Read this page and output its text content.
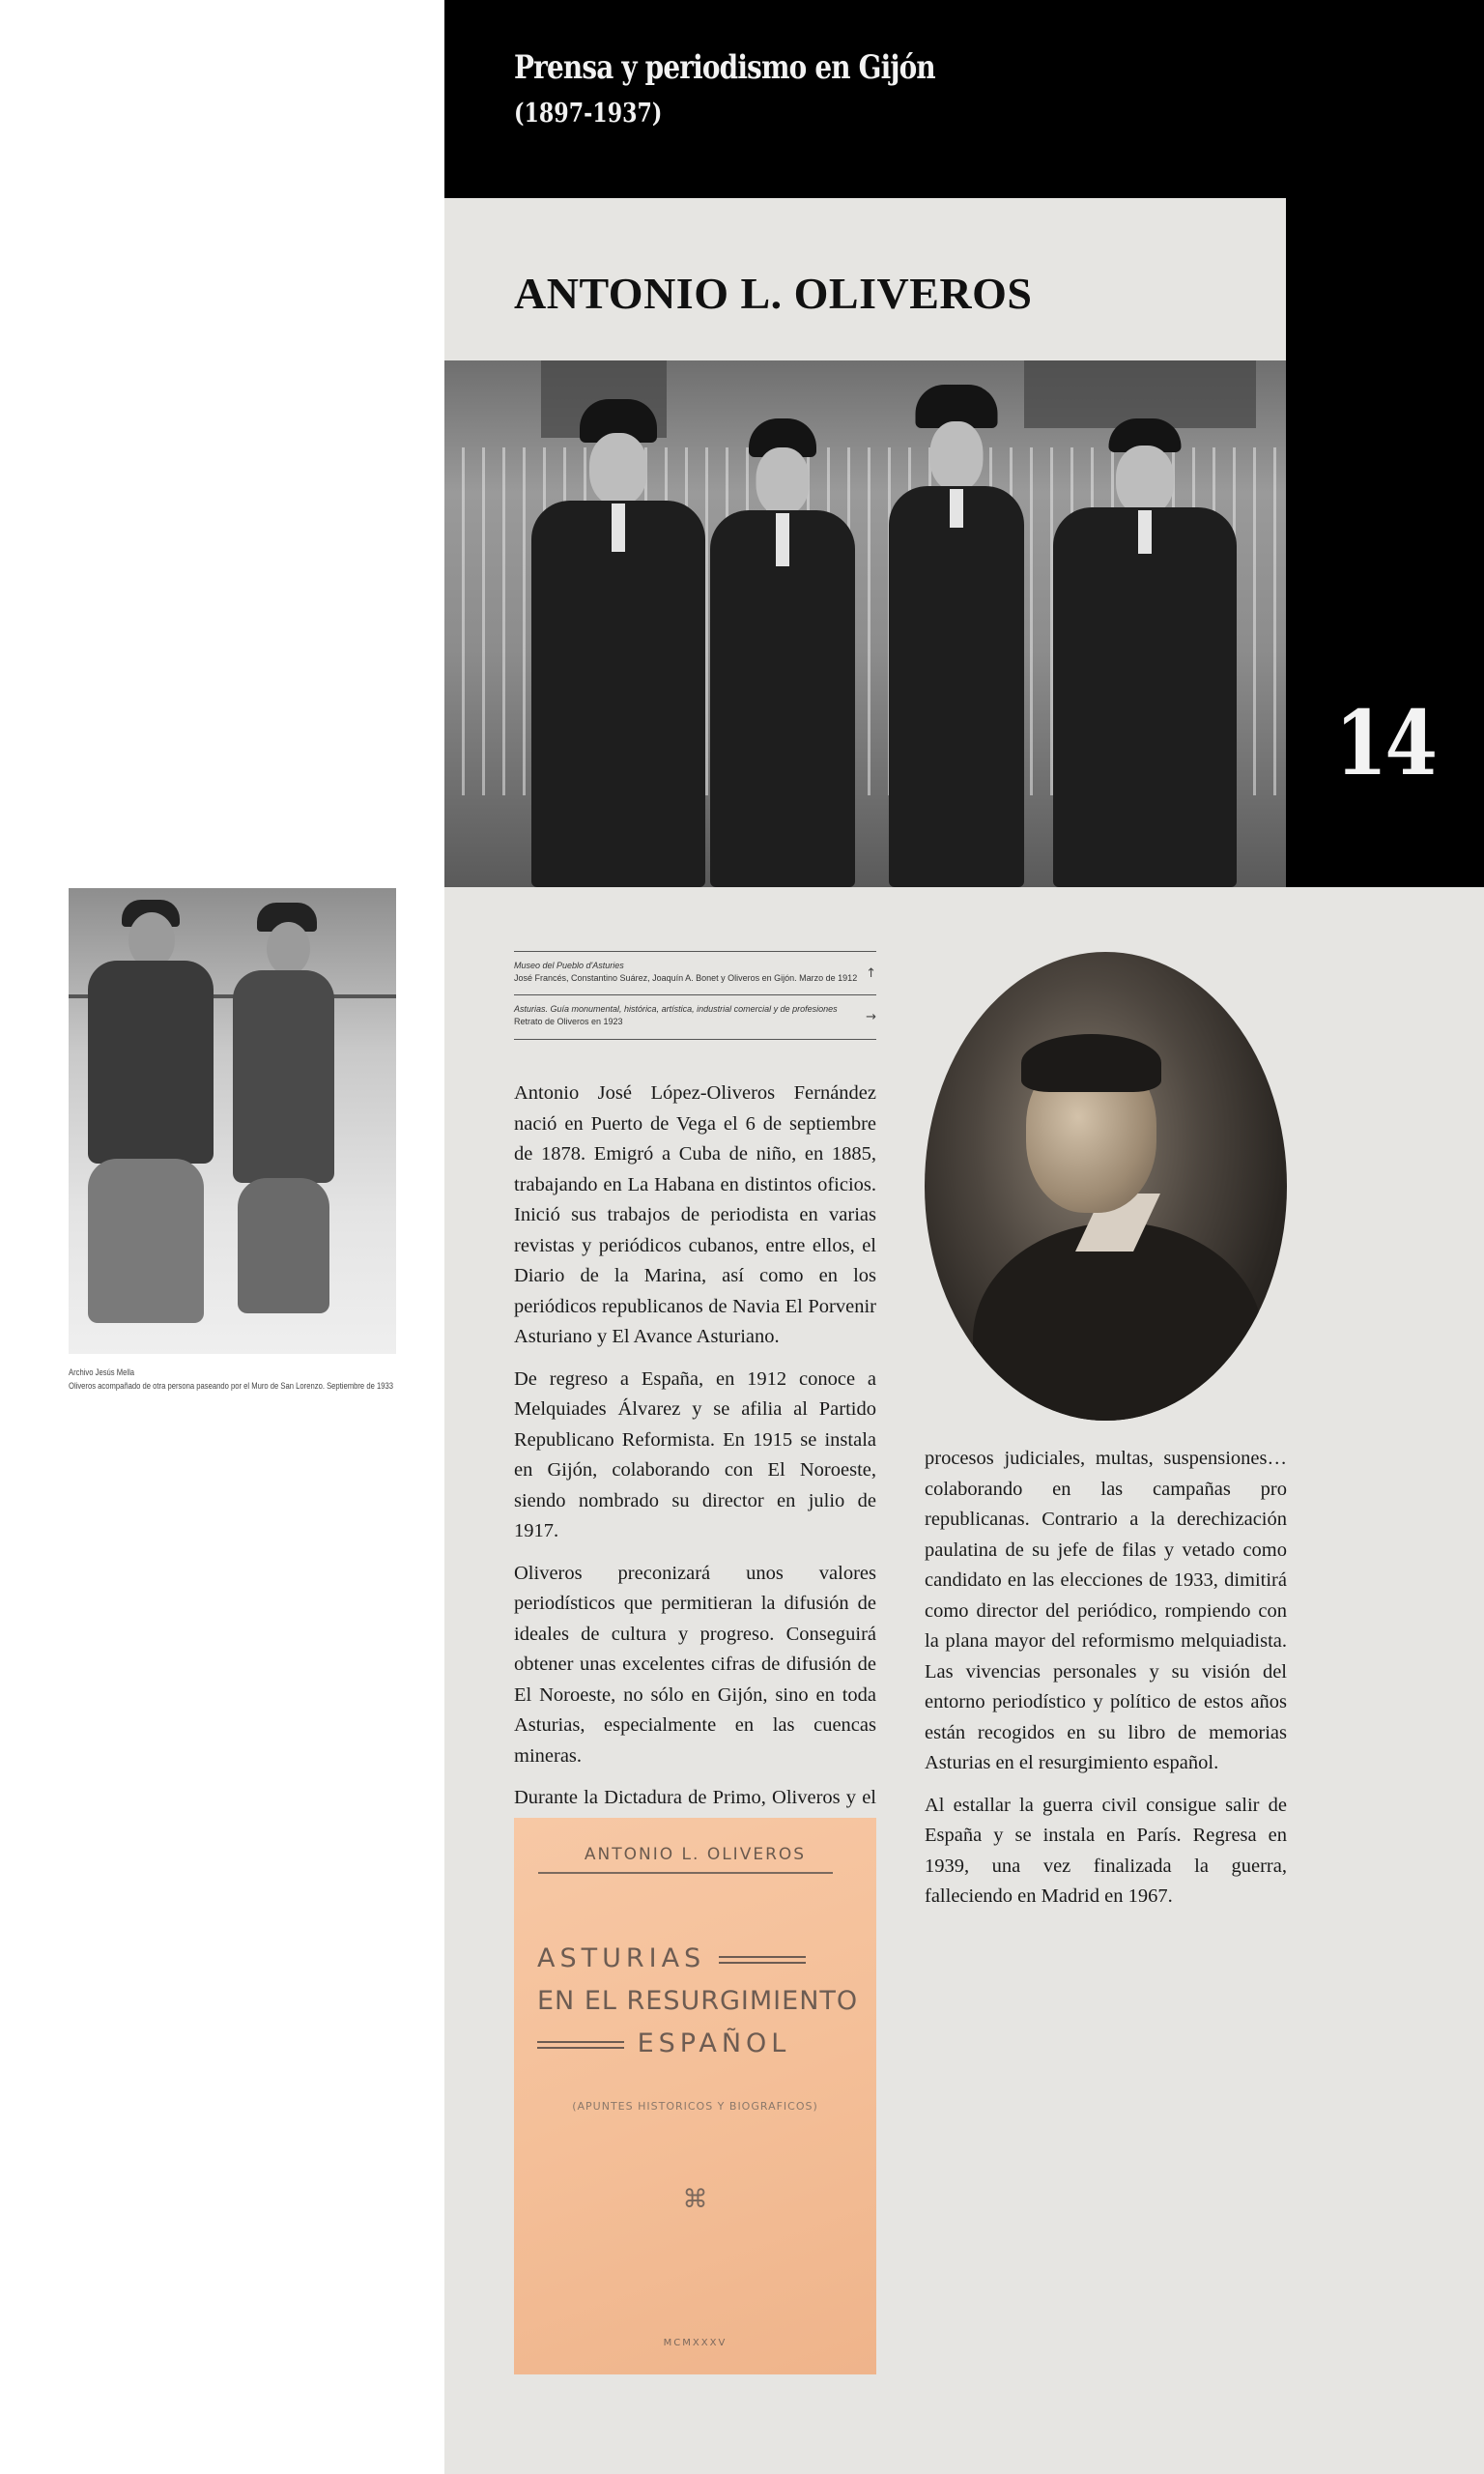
Prensa y periodismo en Gijón
(1897-1937)
14
ANTONIO L. OLIVEROS
Archivo Jesús Mella
Oliveros acompañado de otra persona paseando por el Muro de San Lorenzo. Septiembre de 1933
Museo del Pueblo d'Asturies
José Francés, Constantino Suárez, Joaquín A. Bonet y Oliveros en Gijón. Marzo de 1912 ↑
Asturias. Guía monumental, histórica, artística, industrial comercial y de profesiones
Retrato de Oliveros en 1923	→

Antonio José López-Oliveros Fernández nació en Puerto de Vega el 6 de septiembre de 1878. Emigró a Cuba de niño, en 1885, trabajando en La Habana en distintos oficios. Inició sus trabajos de periodista en varias revistas y periódicos cubanos, entre ellos, el Diario de la Marina, así como en los periódicos republicanos de Navia El Porvenir Asturiano y El Avance Asturiano.

De regreso a España, en 1912 conoce a Melquiades Álvarez y se afilia al Partido Republicano Reformista. En 1915 se instala en Gijón, colaborando con El Noroeste, siendo nombrado su director en julio de 1917.

Oliveros preconizará unos valores periodísticos que permitieran la difusión de ideales de cultura y progreso. Conseguirá obtener unas excelentes cifras de difusión de El Noroeste, no sólo en Gijón, sino en toda Asturias, especialmente en las cuencas mineras.

Durante la Dictadura de Primo, Oliveros y el

procesos judiciales, multas, suspensiones… colaborando en las campañas pro republicanas. Contrario a la derechización paulatina de su jefe de filas y vetado como candidato en las elecciones de 1933, dimitirá como director del periódico, rompiendo con la plana mayor del reformismo melquiadista. Las vivencias personales y su visión del entorno periodístico y político de estos años están recogidos en su libro de memorias Asturias en el resurgimiento español.

Al estallar la guerra civil consigue salir de España y se instala en París. Regresa en 1939, una vez finalizada la guerra, falleciendo en Madrid en 1967.

ANTONIO L. OLIVEROS
ASTURIAS
EN EL RESURGIMIENTO
ESPAÑOL
(APUNTES HISTORICOS Y BIOGRAFICOS)
⌘
MCMXXXV
